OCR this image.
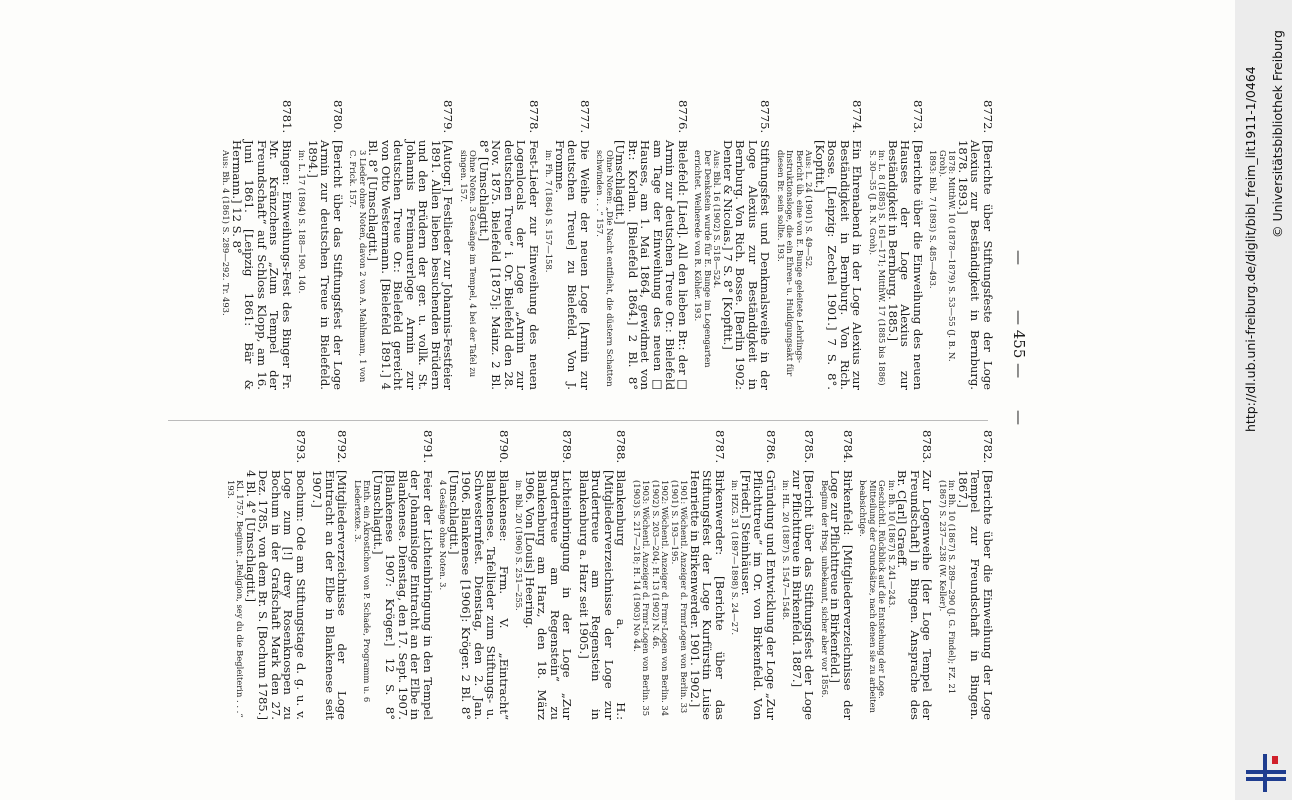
—
— 455 —
—
8772.
[Berichte über Stiftungsfeste der Loge Alexius zur Beständigkeit in Bernburg. 1878. 1893.]
1878: MitthW. 10 (1878—1879) S. 53—55 (J. B. N. Groh).
1893: Bbl. 7 (1893) S. 485—493.
8773.
[Berichte über die Einweihung des neuen Hauses der Loge Alexius zur Beständigkeit in Bernburg. 1885.]
in: L. 8 (1885) S. 161—171; MitthW. 17 (1885 bis 1886) S. 30—35 (J. B. N. Groh).
8774.
Ein Ehrenabend in der Loge Alexius zur Beständigkeit in Bernburg. Von Rich. Bosse. [Leipzig: Zechel 1901.] 7 S. 8°. [Kopftit.]
Aus: L. 24 (1901) S. 49—52.
Bericht üb. eine von E. Bunge geleitete Lehrlings-Instruktionsloge, die ein Ehren- u. Huldigungsakt für diesen Br. sein sollte. 193.
8775.
Stiftungsfest und Denkmalsweihe in der Loge Alexius zur Beständigkeit in Bernburg. Von Rich. Bosse. [Berlin 1902: Denter & Nicolas.] 7 S. 8° [Kopftit.]
Aus: Bbl. 16 (1902) S. 518—524.
Der Denkstein wurde für E. Bunge im Logengarten errichtet. Weiherede von R. Köhler. 193.
8776.
Bielefeld: [Lied]. All den lieben Br.: der □ Armin zur deutschen Treue Or.: Bielefeld am Tage der Einweihung des neuen □ Hauses, am 1. Mai 1864, gewidmet von Br.: Korlan. [Bielefeld 1864.] 2 Bl. 8° [Umschlagtit.]
Ohne Noten: „Die Nacht entflieht, die düstern Schatten schwinden . . .“ 157.
8777.
Die Weihe der neuen Loge [Armin zur deutschen Treue] zu Bielefeld. Von J. Fromme.
in: Fh. 7 (1864) S. 157—158.
8778.
Fest-Lieder zur Einweihung des neuen Logenlocals der Loge „Armin zur deutschen Treue“ i. Or. Bielefeld den 28. Nov. 1875. Bielefeld [1875]: Mainz. 2 Bl. 8° [Umschlagtit.]
Ohne Noten. 3 Gesänge im Tempel, 4 bei der Tafel zu singen. 157.
8779.
[Autogr.] Festlieder zur Johannis-Festfeier 1891. Allen lieben besuchenden Brüdern und den Brüdern der ger. u. vollk. St. Johannis Freimaurerloge Armin zur deutschen Treue Or.: Bielefeld gereicht von Otto Westermann. [Bielefeld 1891.] 4 Bl. 8° [Umschlagtit.]
3 Lieder ohne Noten, davon 2 von A. Mahlmann, 1 von C. Frick. 157.
8780.
[Bericht über das Stiftungsfest der Loge Armin zur deutschen Treue in Bielefeld. 1894.]
in: L. 17 (1894) S. 188—190. 140.
8781.
Bingen: Einweihungs-Fest des Binger Fr. Mr. Kränzchens „Zum Tempel der Freundschaft“ auf Schloss Klopp, am 16. Juni 1861. [Leipzig 1861: Bär & Hermann.] 12 S. 8°
Aus: Bh. 4 (1861) S. 289—292. Tr. 493.
8782.
[Berichte über die Einweihung der Loge Tempel zur Freundschaft in Bingen. 1867.]
in: Bh. 10 (1867) S. 289—290 (J. G. Findel); FZ. 21 (1867) S. 237—238 (W. Keller).
8783.
Zur Logenweihe [der Loge Tempel der Freundschaft] in Bingen. Ansprache des Br. C[arl] Graeff.
in: Bh. 10 (1867) S. 241—243.
Geschichtl. Rückblick auf die Entstehung der Loge. Mitteilung der Grundsätze, nach denen sie zu arbeiten beabsichtige.
8784.
Birkenfeld: [Mitgliederverzeichnisse der Loge zur Pflichttreue in Birkenfeld.]
Beginn der Hrsg. unbekannt, sicher aber vor 1856.
8785.
[Bericht über das Stiftungsfest der Loge zur Pflichttreue in Birkenfeld. 1887.]
in: HL. 20 (1887) S. 1547—1548.
8786.
Gründung und Entwicklung der Loge „Zur Pflichttreue“ im Or. von Birkenfeld. Von [Friedr.] Steinhäuser.
in: HZG. 31 (1897—1898) S. 24—27.
8787.
Birkenwerder: [Berichte über das Stiftungsfest der Loge Kurfürstin Luise Henriette in Birkenwerder. 1901. 1902.]
1901: Wöchentl. Anzeiger d. FrmrLogen von Berlin. 33 (1901) S. 193—195.
1902: Wöchentl. Anzeiger d. Frmr-Logen von Berlin. 34 (1902) S. 203—204; H. 13 (1902) N. 46.
1903: Wöchentl. Anzeiger d. Frmr-Logen von Berlin. 35 (1903) S. 217—218; H. 14 (1903) No 44.
8788.
Blankenburg a. H.: [Mitgliederverzeichnisse der Loge zur Brudertreue am Regenstein in Blankenburg a. Harz seit 1905.]
8789.
Lichteinbringung in der Loge „Zur Brudertreue am Regenstein“ zu Blankenburg am Harz, den 18. März 1906. Von [Louis] Heering.
in: Bbl. 20 (1906) S. 251—255.
8790.
Blankenese: Frm. V. „Eintracht“ Blankenese. Tafellieder zum Stiftungs- u. Schwesternfest. Dienstag, den 2. Jan. 1906. Blankenese [1906]: Kröger. 2 Bl. 8° [Umschlagtit.]
4 Gesänge ohne Noten. 3.
8791.
Feier der Lichteinbringung in den Tempel der Johannisloge Eintracht an der Elbe in Blankenese. Dienstag, den 17. Sept. 1907. [Blankenese 1907: Kröger.] 12 S. 8° [Umschlagtit.]
Enth. ein Akrostichon von P. Schade, Programm u. 6 Liedertexte. 3.
8792.
[Mitgliederverzeichnisse der Loge Eintracht an der Elbe in Blankenese seit 1907.]
8793.
Bochum: Ode am Stiftungstage d. g. u. v. Loge zum [!] drey Rosenknospen zu Bochum in der Grafschaft Mark den 27. Dez. 1785, von dem Br. S. [Bochum 1785.] 4 Bl. 4° [Umschlagtit.]
Kl. 1757. Beginnt: „Religion, sey du die Begleiterin . . .“ 193.
http://dl.ub.uni-freiburg.de/diglit/bibl_freim_lit1911-1/0464 © Universitätsbibliothek Freiburg
